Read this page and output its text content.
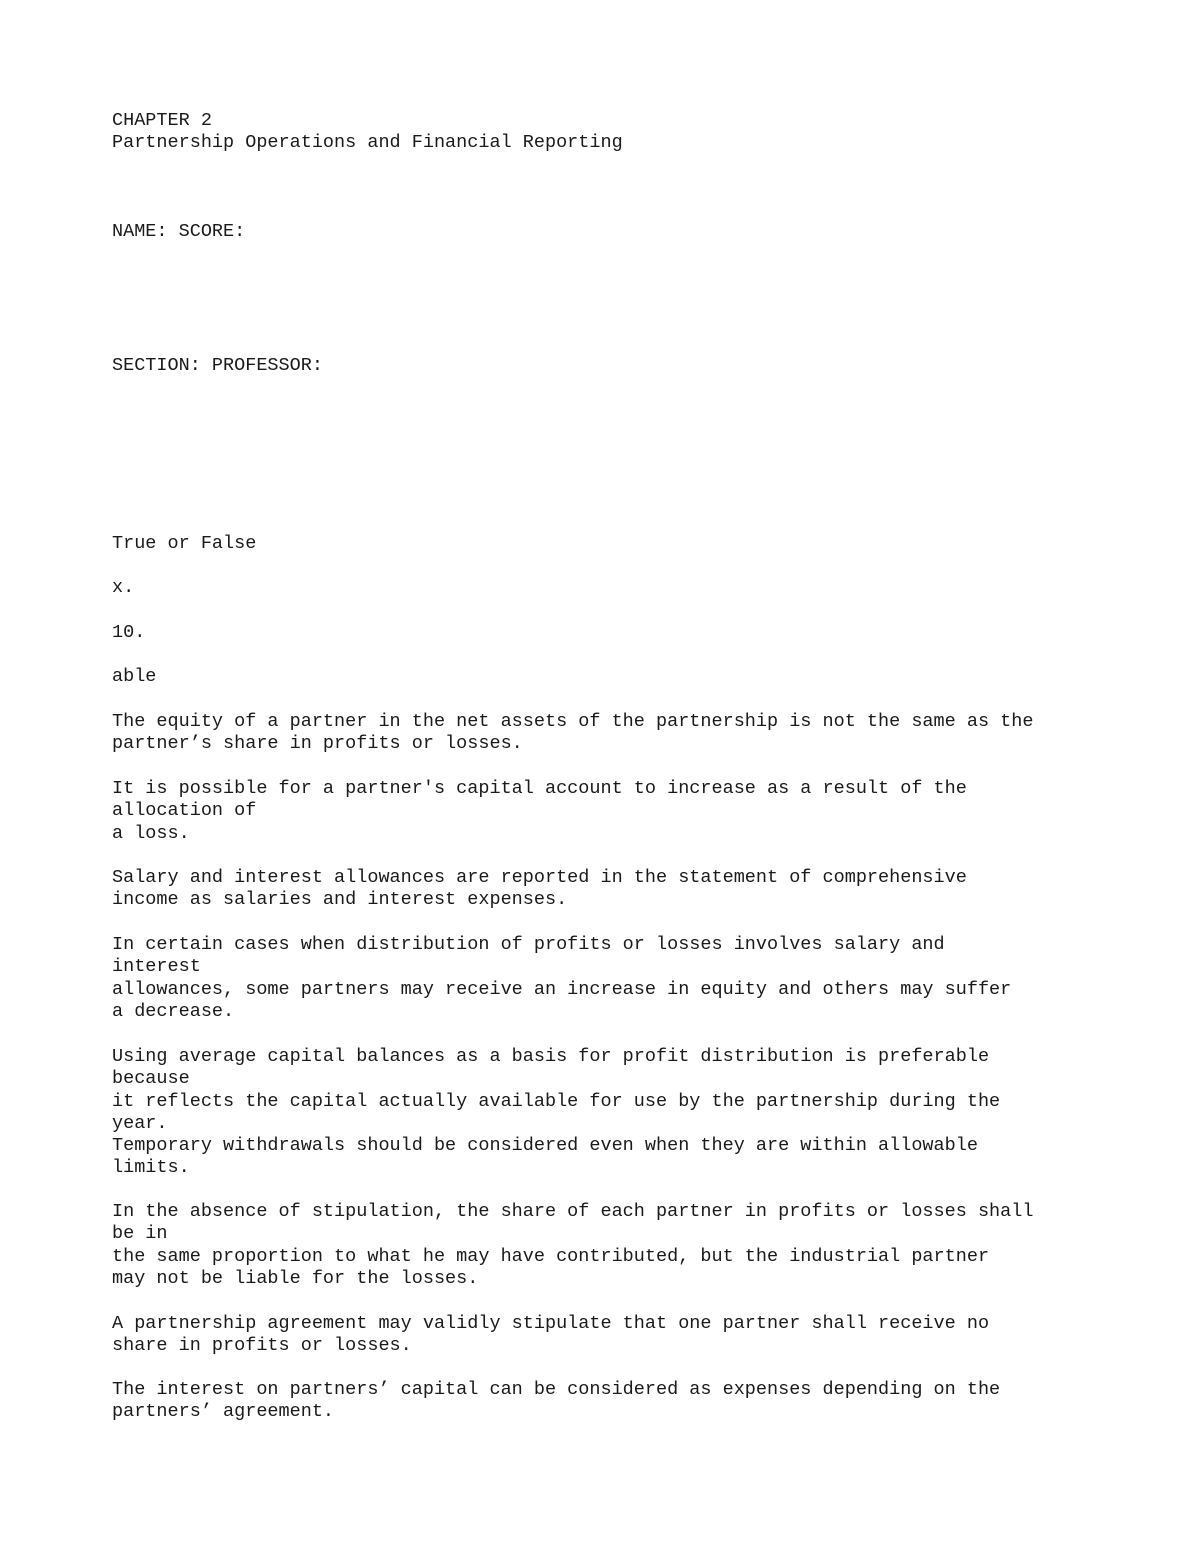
CHAPTER 2
Partnership Operations and Financial Reporting
NAME: SCORE:
SECTION: PROFESSOR:
True or False
x.
10.
able
The equity of a partner in the net assets of the partnership is not the same as the
partner’s share in profits or losses.
It is possible for a partner's capital account to increase as a result of the
allocation of
a loss.
Salary and interest allowances are reported in the statement of comprehensive
income as salaries and interest expenses.
In certain cases when distribution of profits or losses involves salary and
interest
allowances, some partners may receive an increase in equity and others may suffer
a decrease.
Using average capital balances as a basis for profit distribution is preferable
because
it reflects the capital actually available for use by the partnership during the
year.
Temporary withdrawals should be considered even when they are within allowable
limits.
In the absence of stipulation, the share of each partner in profits or losses shall
be in
the same proportion to what he may have contributed, but the industrial partner
may not be liable for the losses.
A partnership agreement may validly stipulate that one partner shall receive no
share in profits or losses.
The interest on partners’ capital can be considered as expenses depending on the
partners’ agreement.
